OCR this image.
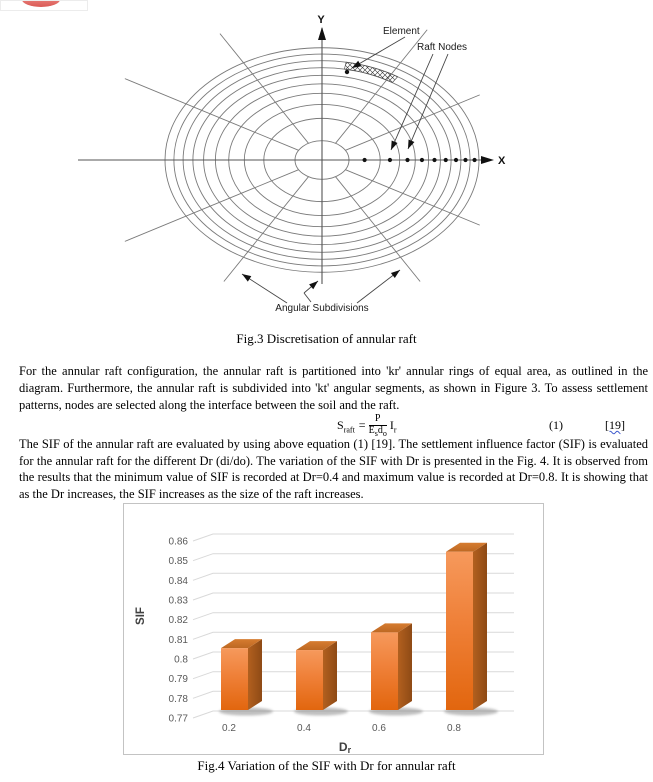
Y
X
Element
Raft Nodes
Angular Subdivisions
Fig.3 Discretisation of annular raft
For the annular raft configuration, the annular raft is partitioned into 'kr' annular rings of equal area, as outlined in the diagram. Furthermore, the annular raft is subdivided into 'kt' angular segments, as shown in Figure 3. To assess settlement patterns, nodes are selected along the interface between the soil and the raft.
$S_{raft} = \frac{P}{E_sd_o} I_r$	(1)	[19]
The SIF of the annular raft are evaluated by using above equation (1) [19]. The settlement influence factor (SIF) is evaluated for the annular raft for the different Dr (di/do). The variation of the SIF with Dr is presented in the Fig. 4. It is observed from the results that the minimum value of SIF is recorded at Dr=0.4 and maximum value is recorded at Dr=0.8. It is showing that as the Dr increases, the SIF increases as the size of the raft increases.
0.77
0.78
0.79
0.8
0.81
0.82
0.83
0.84
0.85
0.86
0.2	0.4	0.6	0.8
SIF
Dr
Fig.4 Variation of the SIF with Dr for annular raft
